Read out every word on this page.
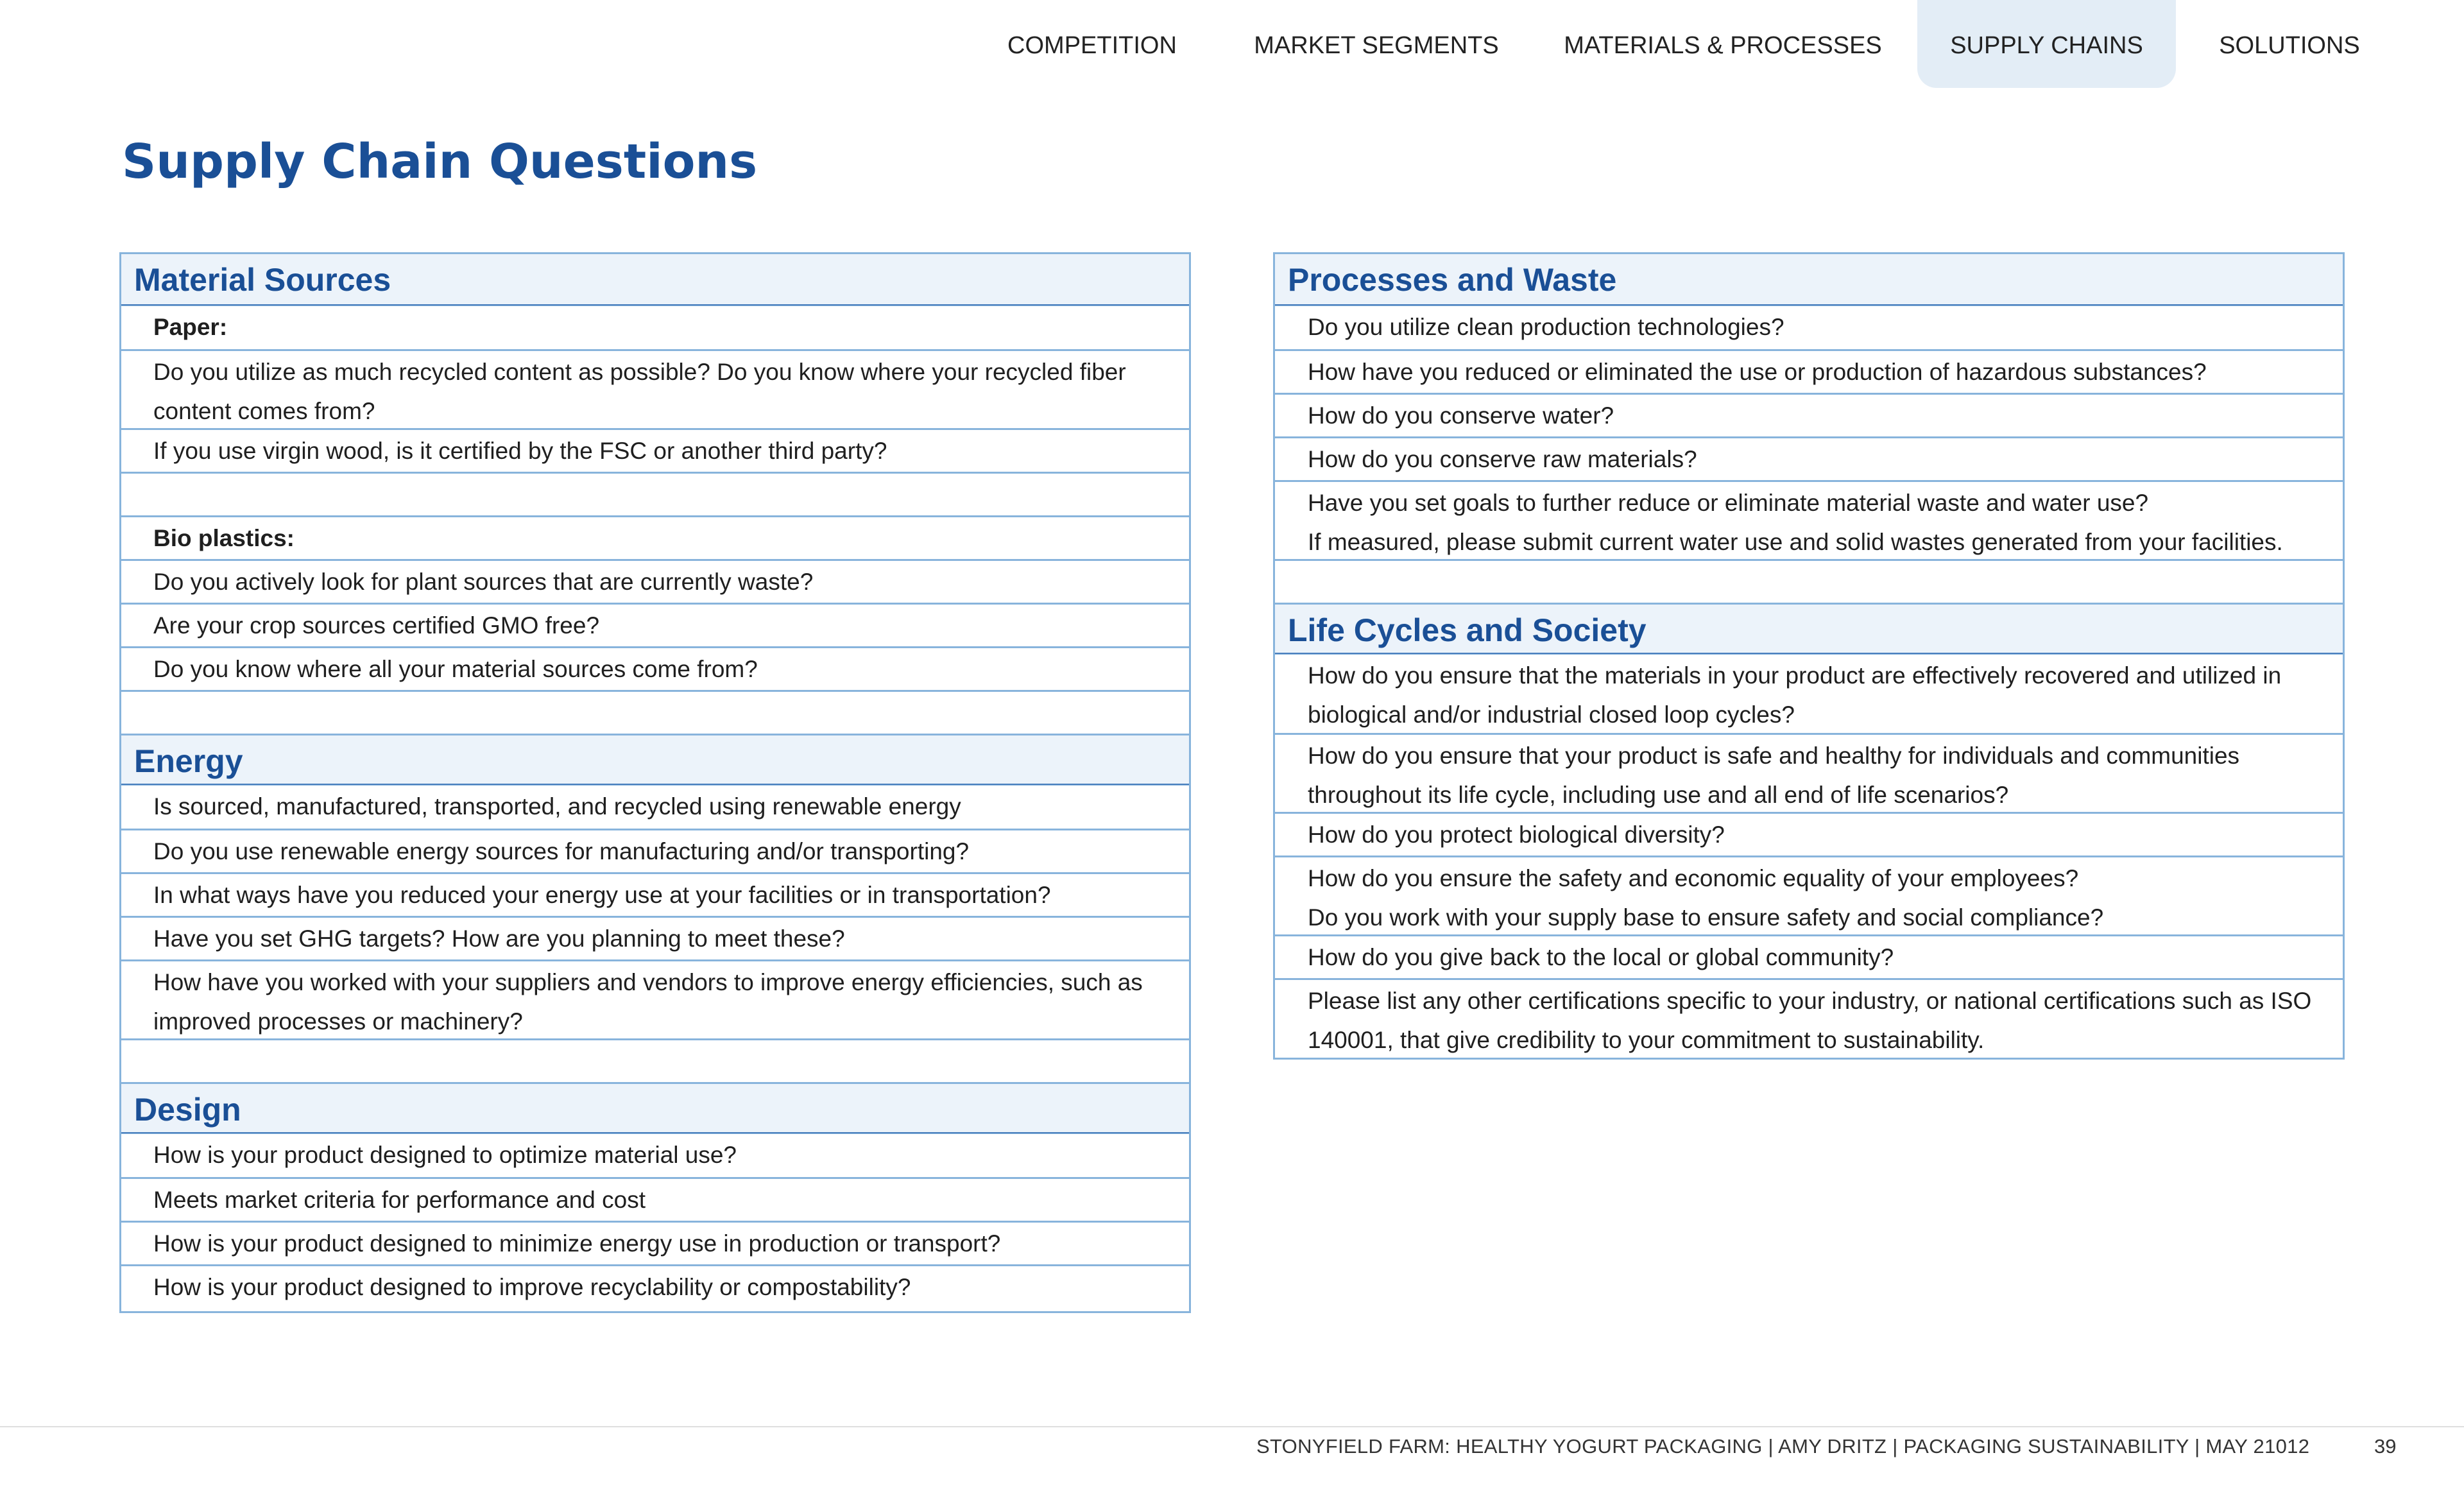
COMPETITION	MARKET SEGMENTS	MATERIALS & PROCESSES	SUPPLY CHAINS	SOLUTIONS
Supply Chain Questions
Material Sources
Paper:
Do you utilize as much recycled content as possible? Do you know where your recycled fiber content comes from?
If you use virgin wood, is it certified by the FSC or another third party?
Bio plastics:
Do you actively look for plant sources that are currently waste?
Are your crop sources certified GMO free?
Do you know where all your material sources come from?
Energy
Is sourced, manufactured, transported, and recycled using renewable energy
Do you use renewable energy sources for manufacturing and/or transporting?
In what ways have you reduced your energy use at your facilities or in transportation?
Have you set GHG targets? How are you planning to meet these?
How have you worked with your suppliers and vendors to improve energy efficiencies, such as improved processes or machinery?
Design
How is your product designed to optimize material use?
Meets market criteria for performance and cost
How is your product designed to minimize energy use in production or transport?
How is your product designed to improve recyclability or compostability?
Processes and Waste
Do you utilize clean production technologies?
How have you reduced or eliminated the use or production of hazardous substances?
How do you conserve water?
How do you conserve raw materials?
Have you set goals to further reduce or eliminate material waste and water use?
If measured, please submit current water use and solid wastes generated from your facilities.
Life Cycles and Society
How do you ensure that the materials in your product are effectively recovered and utilized in biological and/or industrial closed loop cycles?
How do you ensure that your product is safe and healthy for individuals and communities throughout its life cycle, including use and all end of life scenarios?
How do you protect biological diversity?
How do you ensure the safety and economic equality of your employees?
Do you work with your supply base to ensure safety and social compliance?
How do you give back to the local or global community?
Please list any other certifications specific to your industry, or national certifications such as ISO 140001, that give credibility to your commitment to sustainability.
STONYFIELD FARM: HEALTHY YOGURT PACKAGING | AMY DRITZ | PACKAGING SUSTAINABILITY | MAY 21012	39
